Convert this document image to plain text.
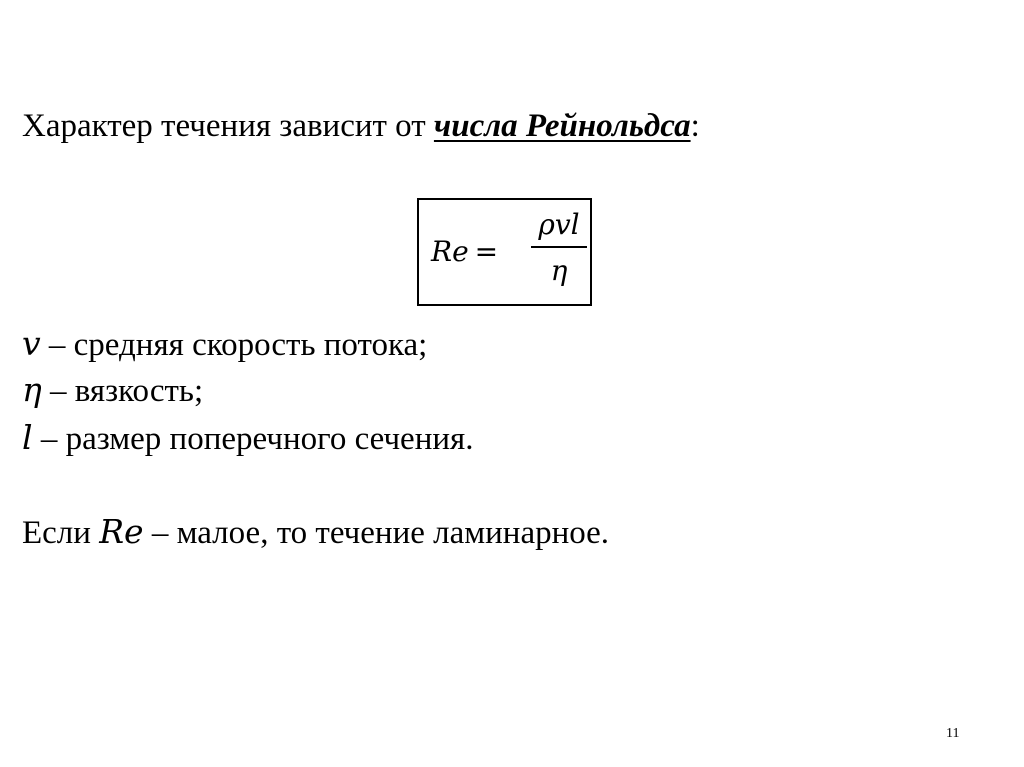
Характер течения зависит от числа Рейнольдса:
Re =
ρvl
η
v – средняя скорость потока;
η – вязкость;
l – размер поперечного сечения.
Если Re – малое, то течение ламинарное.
11
